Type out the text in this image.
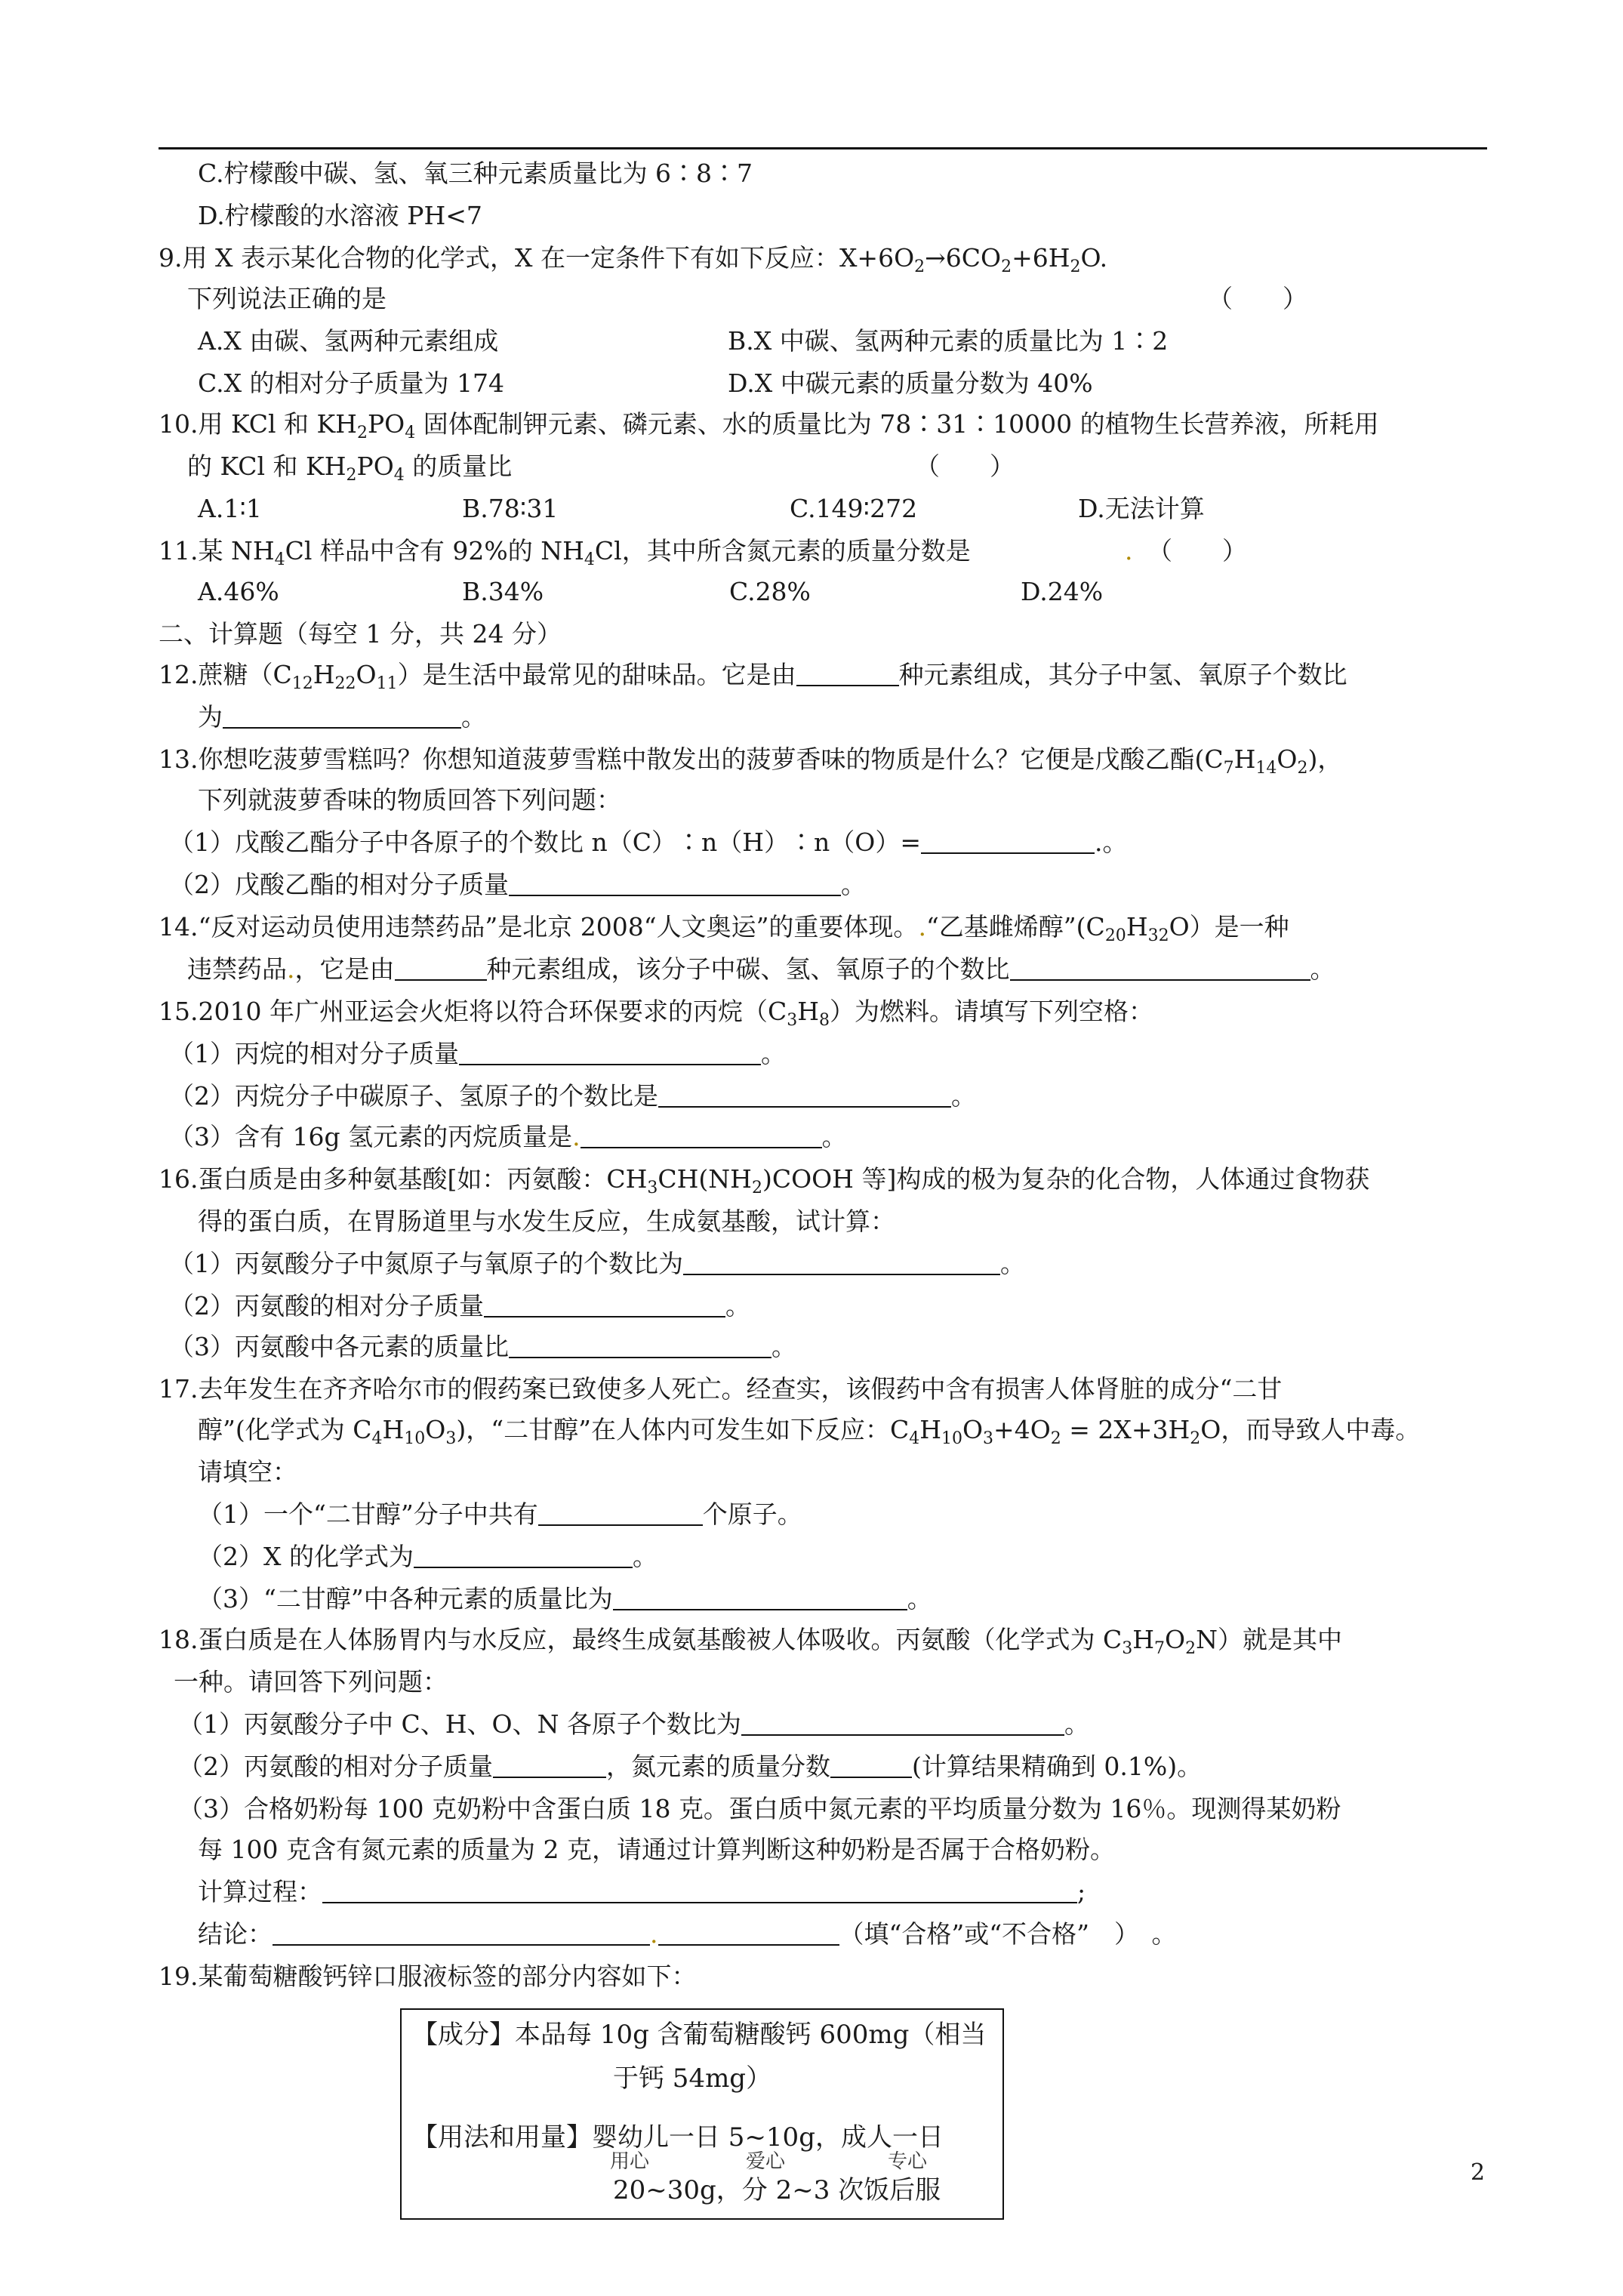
C.柠檬酸中碳、氢、氧三种元素质量比为 6∶8∶7
D.柠檬酸的水溶液 PH<7
9.用 X 表示某化合物的化学式，X 在一定条件下有如下反应：$X+6O_2\to 6CO_2+6H_2O$.
下列说法正确的是	（　　）
A.X 由碳、氢两种元素组成	B.X 中碳、氢两种元素的质量比为 1∶2
C.X 的相对分子质量为 174	D.X 中碳元素的质量分数为 40%
10.用 KCl 和 $KH_2PO_4$ 固体配制钾元素、磷元素、水的质量比为 78∶31∶10000 的植物生长营养液，所耗用
的 KCl 和 $KH_2PO_4$ 的质量比	（　　）
A.1∶1	B.78∶31	C.149∶272	D.无法计算
11.某 $NH_4Cl$ 样品中含有 92%的 $NH_4Cl$，其中所含氮元素的质量分数是	. （　　）
A.46%	B.34%	C.28%	D.24%
二、计算题（每空 1 分，共 24 分）
12.蔗糖$(C_{12}H_{22}O_{11})$是生活中最常见的甜味品。它是由	种元素组成，其分子中氢、氧原子个数比
为	。
13.你想吃菠萝雪糕吗？你想知道菠萝雪糕中散发出的菠萝香味的物质是什么？它便是戊酸乙酯$(C_7H_{14}O_2)$，
下列就菠萝香味的物质回答下列问题：
（1）戊酸乙酯分子中各原子的个数比 n（C）∶n（H）∶n（O）=	.。
（2）戊酸乙酯的相对分子质量	。
14.“反对运动员使用违禁药品”是北京 2008“人文奥运”的重要体现。.“乙基雌烯醇$”(C_{20}H_{32}O)$是一种
违禁药品.，它是由	种元素组成，该分子中碳、氢、氧原子的个数比	。
15.2010 年广州亚运会火炬将以符合环保要求的丙烷$(C_3H_8)$为燃料。请填写下列空格：
（1）丙烷的相对分子质量	。
（2）丙烷分子中碳原子、氢原子的个数比是	。
（3）含有 16g 氢元素的丙烷质量是.	。
16.蛋白质是由多种氨基酸[如：丙氨酸：$CH_3CH(NH_2)COOH$ 等]构成的极为复杂的化合物，人体通过食物获
得的蛋白质，在胃肠道里与水发生反应，生成氨基酸，试计算：
（1）丙氨酸分子中氮原子与氧原子的个数比为	。
（2）丙氨酸的相对分子质量	。
（3）丙氨酸中各元素的质量比	。
17.去年发生在齐齐哈尔市的假药案已致使多人死亡。经查实，该假药中含有损害人体肾脏的成分“二甘
醇”(化学式为 $C_4H_{10}O_3$)，“二甘醇”在人体内可发生如下反应：$C_4H_{10}O_3+4O_2 = 2X+3H_2O$，而导致人中毒。
请填空：
（1）一个“二甘醇”分子中共有	个原子。
（2）X 的化学式为	。
（3）“二甘醇”中各种元素的质量比为	。
18.蛋白质是在人体肠胃内与水反应，最终生成氨基酸被人体吸收。丙氨酸（化学式为 $C_3H_7O_2N$）就是其中
一种。请回答下列问题：
（1）丙氨酸分子中 C、H、O、N 各原子个数比为	。
（2）丙氨酸的相对分子质量	，氮元素的质量分数	(计算结果精确到 0.1%)。
（3）合格奶粉每 100 克奶粉中含蛋白质 18 克。蛋白质中氮元素的平均质量分数为 16％。现测得某奶粉
每 100 克含有氮元素的质量为 2 克，请通过计算判断这种奶粉是否属于合格奶粉。
计算过程：	;
结论：	.	（填“合格”或“不合格”　）　。
19.某葡萄糖酸钙锌口服液标签的部分内容如下：
【成分】本品每 10g 含葡萄糖酸钙 600mg（相当
于钙 54mg）
【用法和用量】婴幼儿一日 5~10g，成人一日
20~30g，分 2~3 次饭后服
用心	爱心	专心	2
